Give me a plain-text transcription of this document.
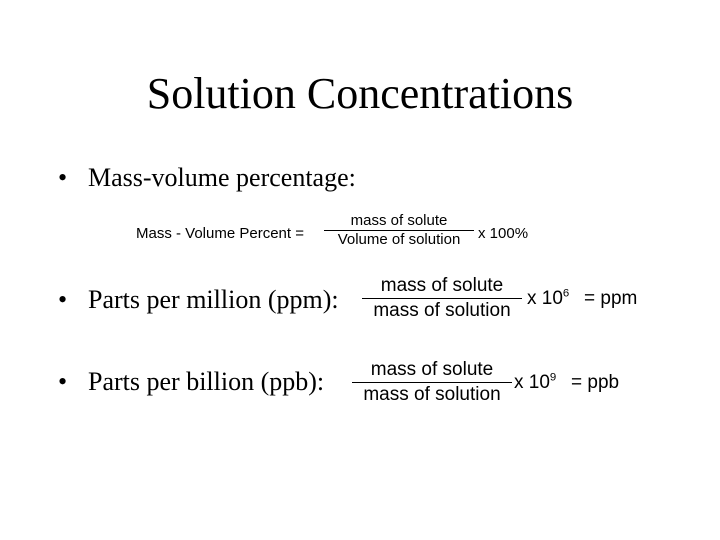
Solution Concentrations
• Mass-volume percentage:
Mass - Volume Percent =
mass of solute
Volume of solution	x 100%
• Parts per million (ppm):	mass of solute
mass of solution
x $10^6$ = ppm
• Parts per billion (ppb):	mass of solute
mass of solution
x $10^9$ = ppb
